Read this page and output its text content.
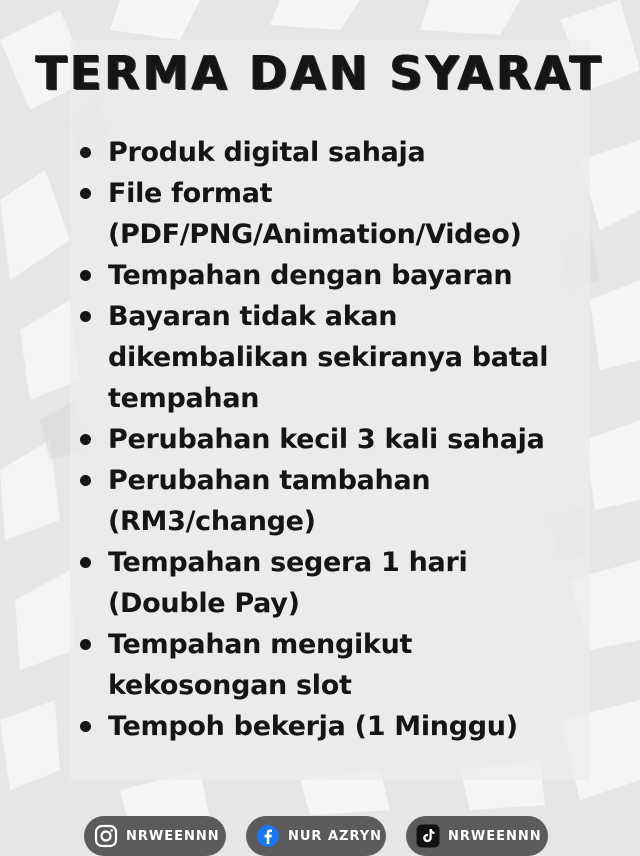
TERMA DAN SYARAT
Produk digital sahaja
File format
(PDF/PNG/Animation/Video)
Tempahan dengan bayaran
Bayaran tidak akan
dikembalikan sekiranya batal
tempahan
Perubahan kecil 3 kali sahaja
Perubahan tambahan
(RM3/change)
Tempahan segera 1 hari
(Double Pay)
Tempahan mengikut
kekosongan slot
Tempoh bekerja (1 Minggu)
NRWEENNN	NUR AZRYN	NRWEENNN
